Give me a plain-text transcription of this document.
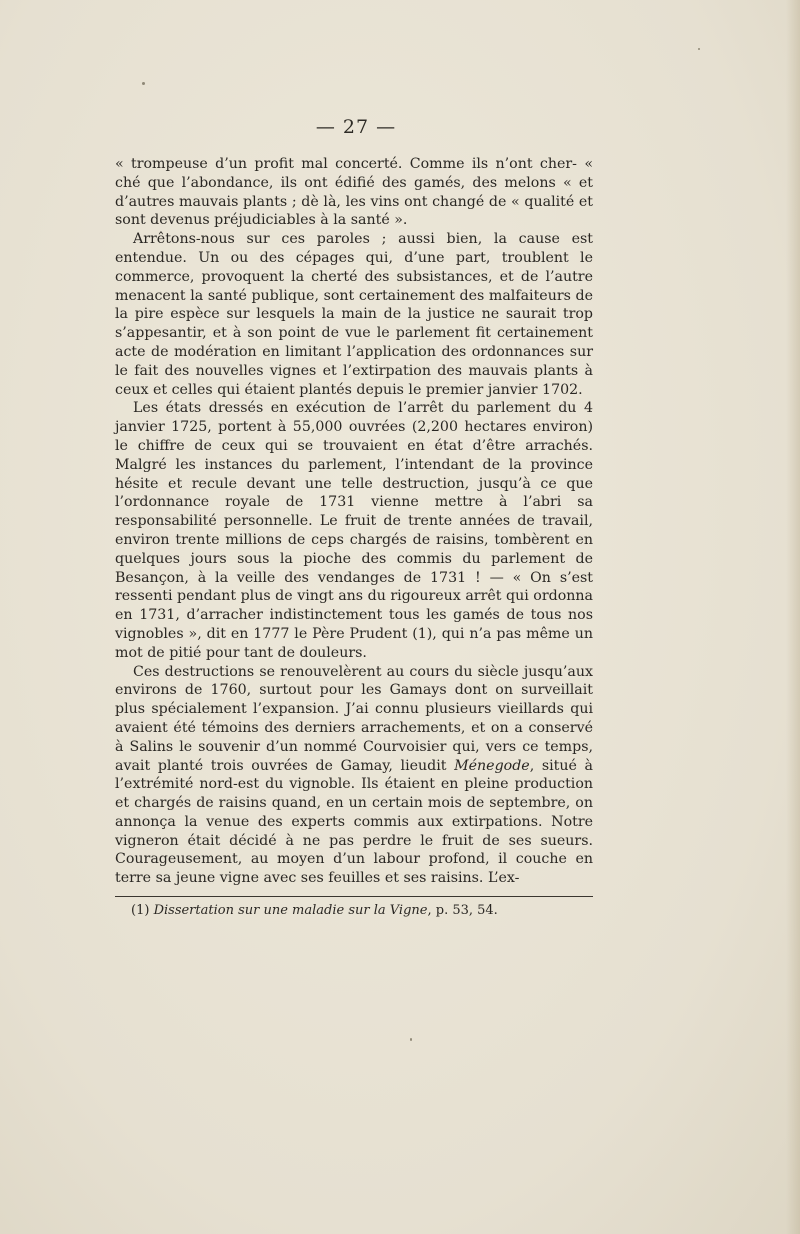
— 27 —

« trompeuse d’un profit mal concerté. Comme ils n’ont cher- « ché que l’abondance, ils ont édifié des gamés, des melons « et d’autres mauvais plants ; dè là, les vins ont changé de « qualité et sont devenus préjudiciables à la santé ».

Arrêtons-nous sur ces paroles ; aussi bien, la cause est entendue. Un ou des cépages qui, d’une part, troublent le commerce, provoquent la cherté des subsistances, et de l’autre menacent la santé publique, sont certainement des malfaiteurs de la pire espèce sur lesquels la main de la justice ne saurait trop s’appesantir, et à son point de vue le parlement fit certainement acte de modération en limitant l’application des ordonnances sur le fait des nouvelles vignes et l’extirpation des mauvais plants à ceux et celles qui étaient plantés depuis le premier janvier 1702.

Les états dressés en exécution de l’arrêt du parlement du 4 janvier 1725, portent à 55,000 ouvrées (2,200 hectares environ) le chiffre de ceux qui se trouvaient en état d’être arrachés. Malgré les instances du parlement, l’intendant de la province hésite et recule devant une telle destruction, jusqu’à ce que l’ordonnance royale de 1731 vienne mettre à l’abri sa responsabilité personnelle. Le fruit de trente années de travail, environ trente millions de ceps chargés de raisins, tombèrent en quelques jours sous la pioche des commis du parlement de Besançon, à la veille des vendanges de 1731 ! — « On s’est ressenti pendant plus de vingt ans du rigoureux arrêt qui ordonna en 1731, d’arracher indistinctement tous les gamés de tous nos vignobles », dit en 1777 le Père Prudent (1), qui n’a pas même un mot de pitié pour tant de douleurs.

Ces destructions se renouvelèrent au cours du siècle jusqu’aux environs de 1760, surtout pour les Gamays dont on surveillait plus spécialement l’expansion. J’ai connu plusieurs vieillards qui avaient été témoins des derniers arrachements, et on a conservé à Salins le souvenir d’un nommé Courvoisier qui, vers ce temps, avait planté trois ouvrées de Gamay, lieudit Ménegode, situé à l’extrémité nord-est du vignoble. Ils étaient en pleine production et chargés de raisins quand, en un certain mois de septembre, on annonça la venue des experts commis aux extirpations. Notre vigneron était décidé à ne pas perdre le fruit de ses sueurs. Courageusement, au moyen d’un labour profond, il couche en terre sa jeune vigne avec ses feuilles et ses raisins. L’ex-

(1) Dissertation sur une maladie sur la Vigne, p. 53, 54.
